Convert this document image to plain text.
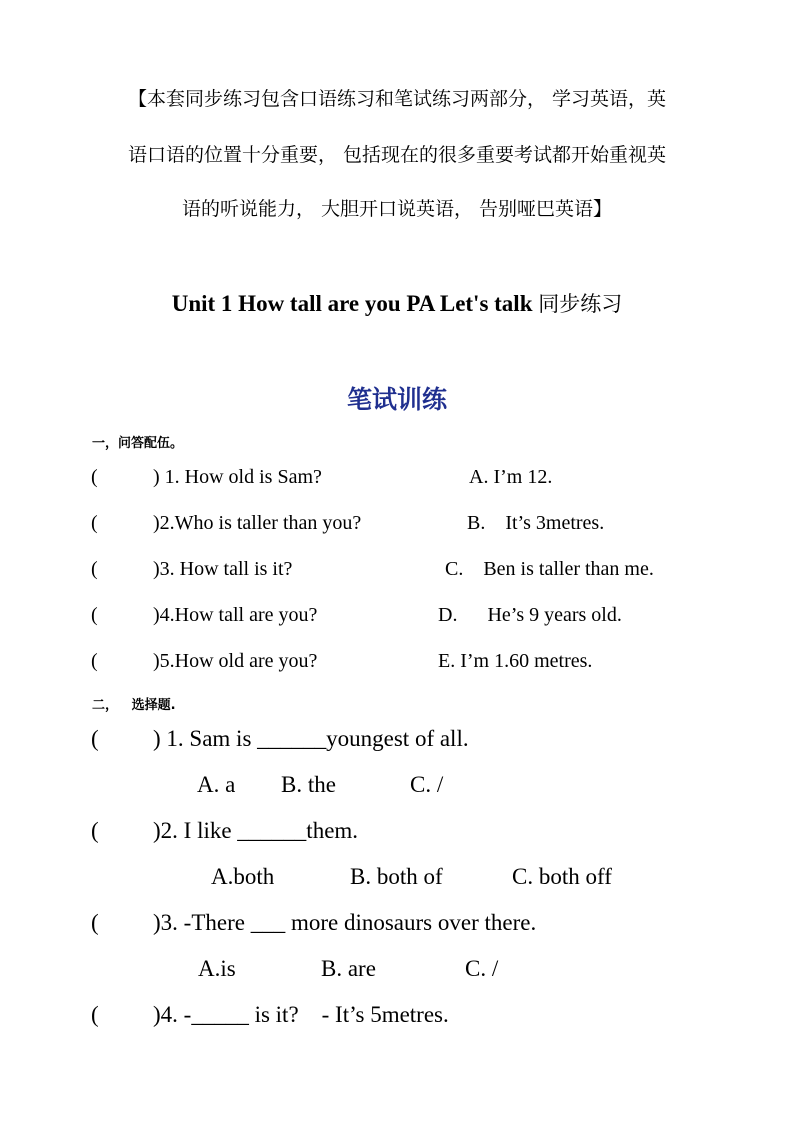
【本套同步练习包含口语练习和笔试练习两部分， 学习英语，英
语口语的位置十分重要， 包括现在的很多重要考试都开始重视英
语的听说能力， 大胆开口说英语， 告别哑巴英语】
Unit 1 How tall are you PA Let's talk 同步练习
笔试训练
一，问答配伍。
(	) 1. How old is Sam?	A. I’m 12.
(	)2.Who is taller than you?	B.    It’s 3metres.
(	)3. How tall is it?	C.    Ben is taller than me.
(	)4.How tall are you?	D.      He’s 9 years old.
(	)5.How old are you?	E. I’m 1.60 metres.
二，   选择题.
( ) 1. Sam is ______youngest of all.
A. a B. the	C. /
( )2. I like ______them.
A.both	B. both of	C. both off
( )3. -There ___ more dinosaurs over there.
A.is	B. are	C. /
( )4. -_____ is it?    - It’s 5metres.
